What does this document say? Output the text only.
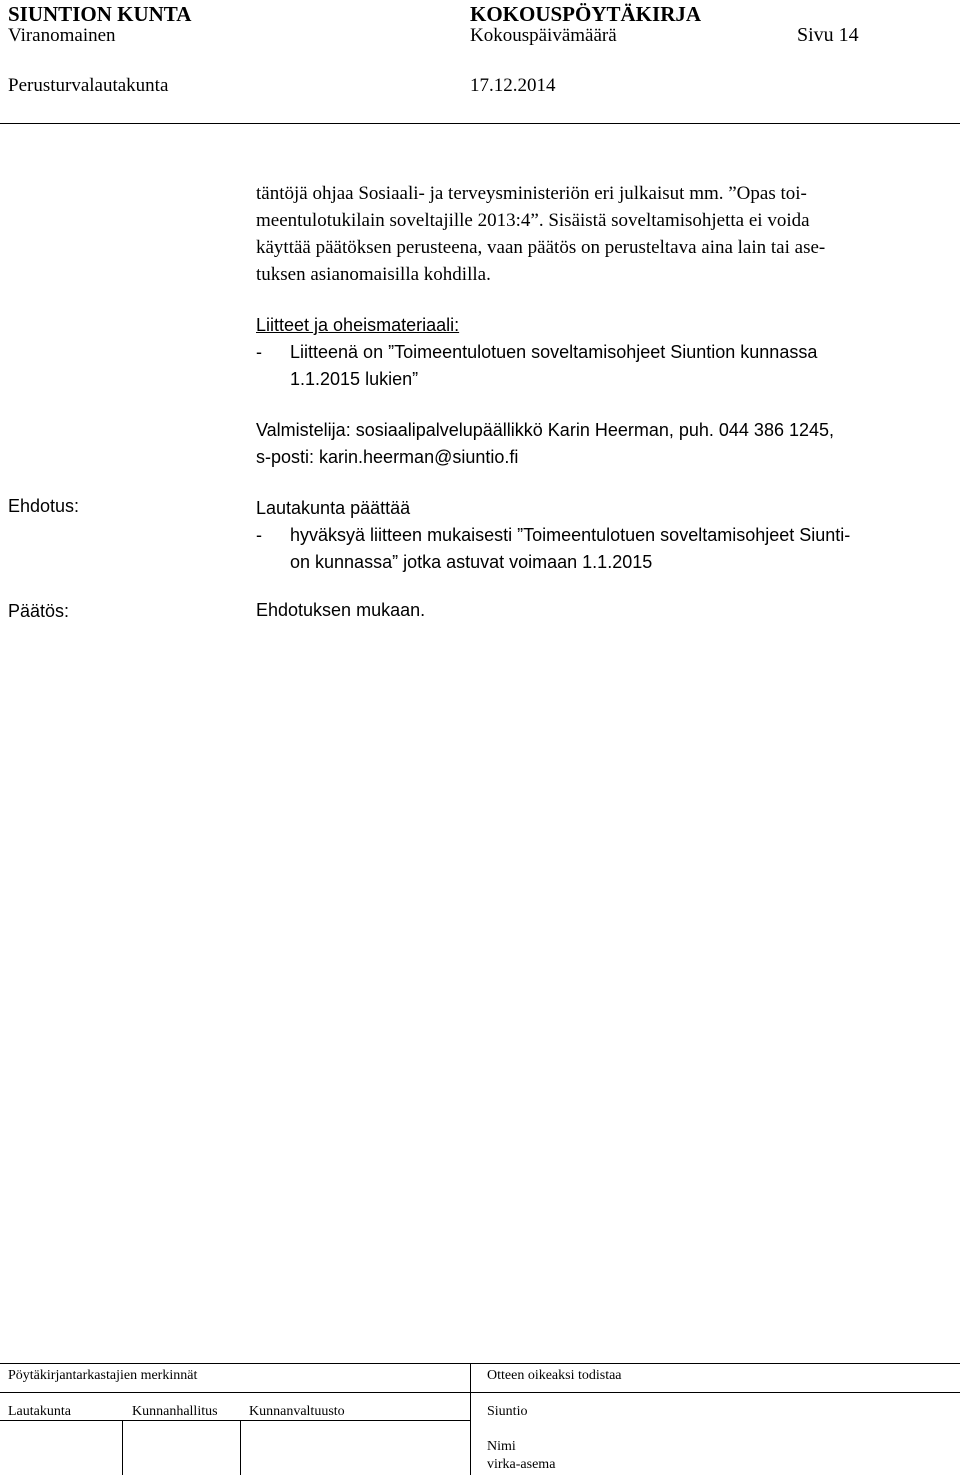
SIUNTION KUNTA	KOKOUSPÖYTÄKIRJA
Viranomainen	Kokouspäivämäärä	Sivu 14
Perusturvalautakunta	17.12.2014
täntöjä ohjaa Sosiaali- ja terveysministeriön eri julkaisut mm. ”Opas toi-
meentulotukilain soveltajille 2013:4”. Sisäistä soveltamisohjetta ei voida
käyttää päätöksen perusteena, vaan päätös on perusteltava aina lain tai ase-
tuksen asianomaisilla kohdilla.
Liitteet ja oheismateriaali:
- Liitteenä on ”Toimeentulotuen soveltamisohjeet Siuntion kunnassa
1.1.2015 lukien”
Valmistelija: sosiaalipalvelupäällikkö Karin Heerman, puh. 044 386 1245,
s-posti: karin.heerman@siuntio.fi
Ehdotus:	Lautakunta päättää
- hyväksyä liitteen mukaisesti ”Toimeentulotuen soveltamisohjeet Siunti-
on kunnassa” jotka astuvat voimaan 1.1.2015
Päätös:	Ehdotuksen mukaan.
Pöytäkirjantarkastajien merkinnät	Otteen oikeaksi todistaa
Lautakunta	Kunnanhallitus Kunnanvaltuusto	Siuntio
Nimi
virka-asema
